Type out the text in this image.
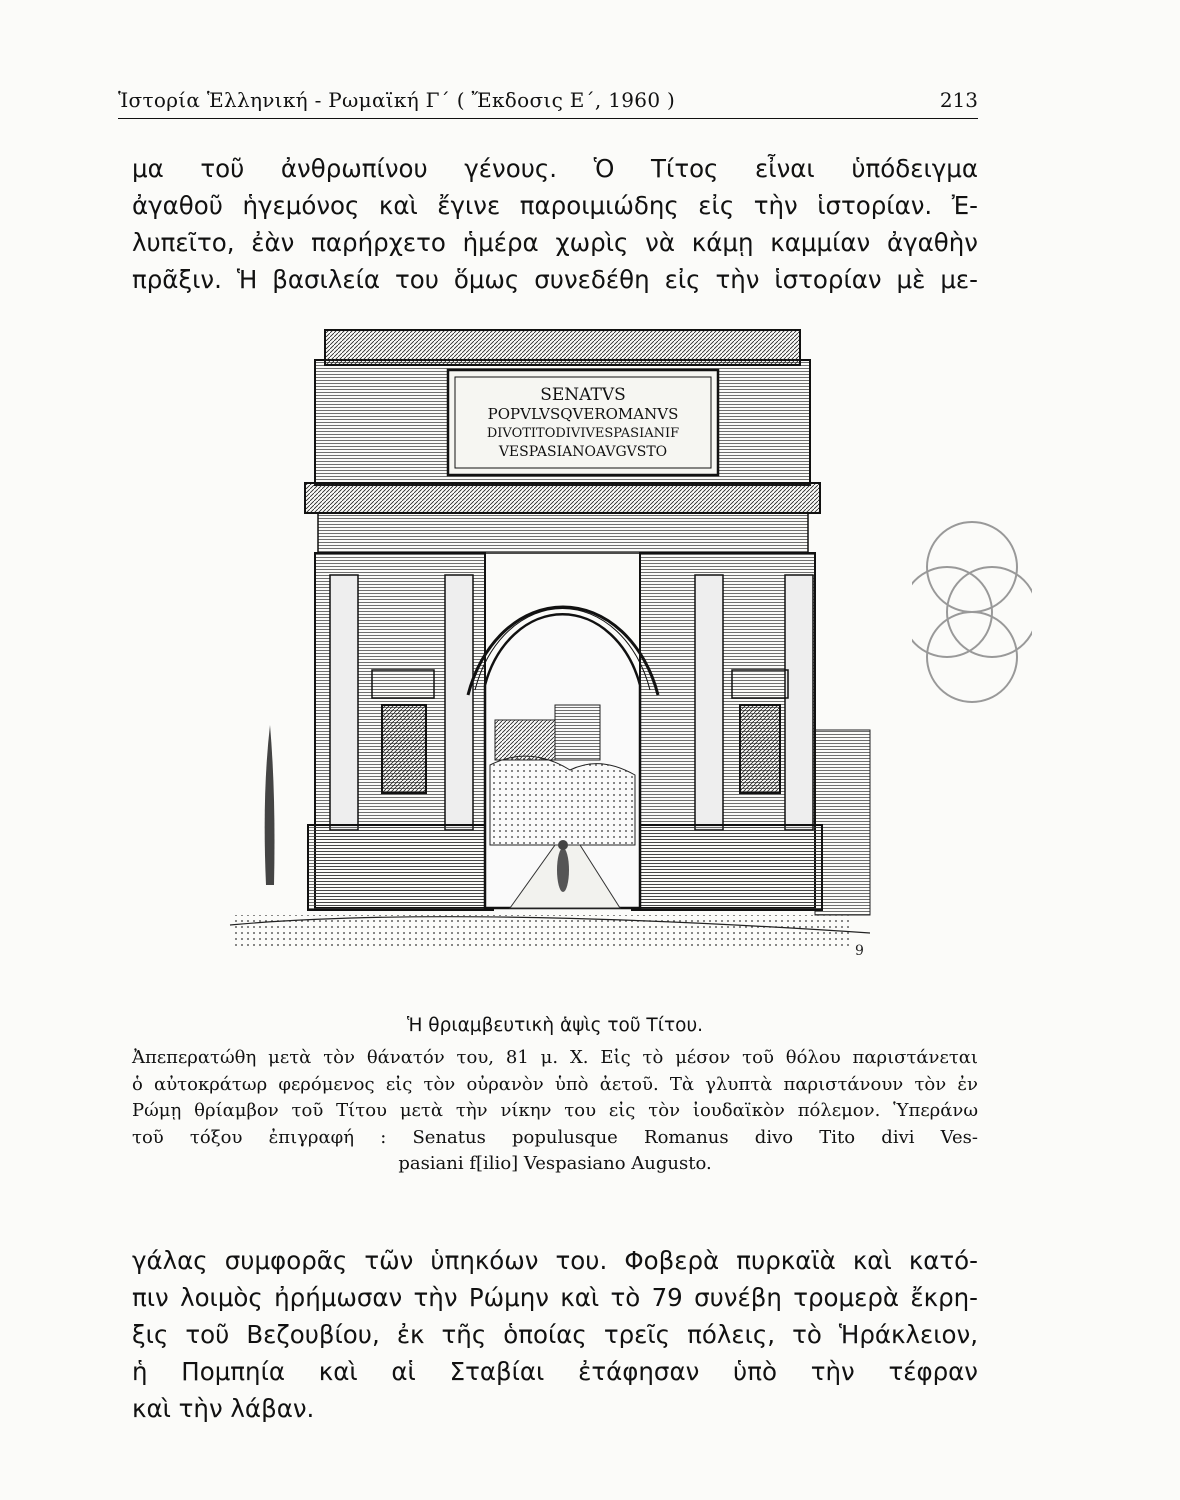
Ἱστορία Ἑλληνική - Ρωμαϊκή Γ΄ ( Ἔκδοσις Ε΄, 1960 )	213
μα τοῦ ἀνθρωπίνου γένους. Ὁ Τίτος εἶναι ὑπόδειγμα
ἀγαθοῦ ἡγεμόνος καὶ ἔγινε παροιμιώδης εἰς τὴν ἱστορίαν. Ἐ-
λυπεῖτο, ἐὰν παρήρχετο ἡμέρα χωρὶς νὰ κάμῃ καμμίαν ἀγαθὴν
πρᾶξιν. Ἡ βασιλεία του ὅμως συνεδέθη εἰς τὴν ἱστορίαν μὲ με-
SENATVS
POPVLVSQVEROMANVS
DIVOTITODIVIVESPASIANIF
VESPASIANOAVGVSTO
9
Ἡ θριαμβευτικὴ ἁψὶς τοῦ Τίτου.
Ἀπεπερατώθη μετὰ τὸν θάνατόν του, 81 μ. Χ. Εἰς τὸ μέσον τοῦ θόλου παριστάνεται
ὁ αὐτοκράτωρ φερόμενος εἰς τὸν οὐρανὸν ὑπὸ ἀετοῦ. Τὰ γλυπτὰ παριστάνουν τὸν ἐν
Ρώμῃ θρίαμβον τοῦ Τίτου μετὰ τὴν νίκην του εἰς τὸν ἰουδαϊκὸν πόλεμον. Ὑπεράνω
τοῦ τόξου ἐπιγραφή : Senatus populusque Romanus divo Tito divi Ves-
pasiani f[ilio] Vespasiano Augusto.
γάλας συμφορᾶς τῶν ὑπηκόων του. Φοβερὰ πυρκαϊὰ καὶ κατό-
πιν λοιμὸς ἠρήμωσαν τὴν Ρώμην καὶ τὸ 79 συνέβη τρομερὰ ἔκρη-
ξις τοῦ Βεζουβίου, ἐκ τῆς ὁποίας τρεῖς πόλεις, τὸ Ἡράκλειον,
ἡ Πομπηία καὶ αἱ Σταβίαι ἐτάφησαν ὑπὸ τὴν τέφραν
καὶ τὴν λάβαν.
